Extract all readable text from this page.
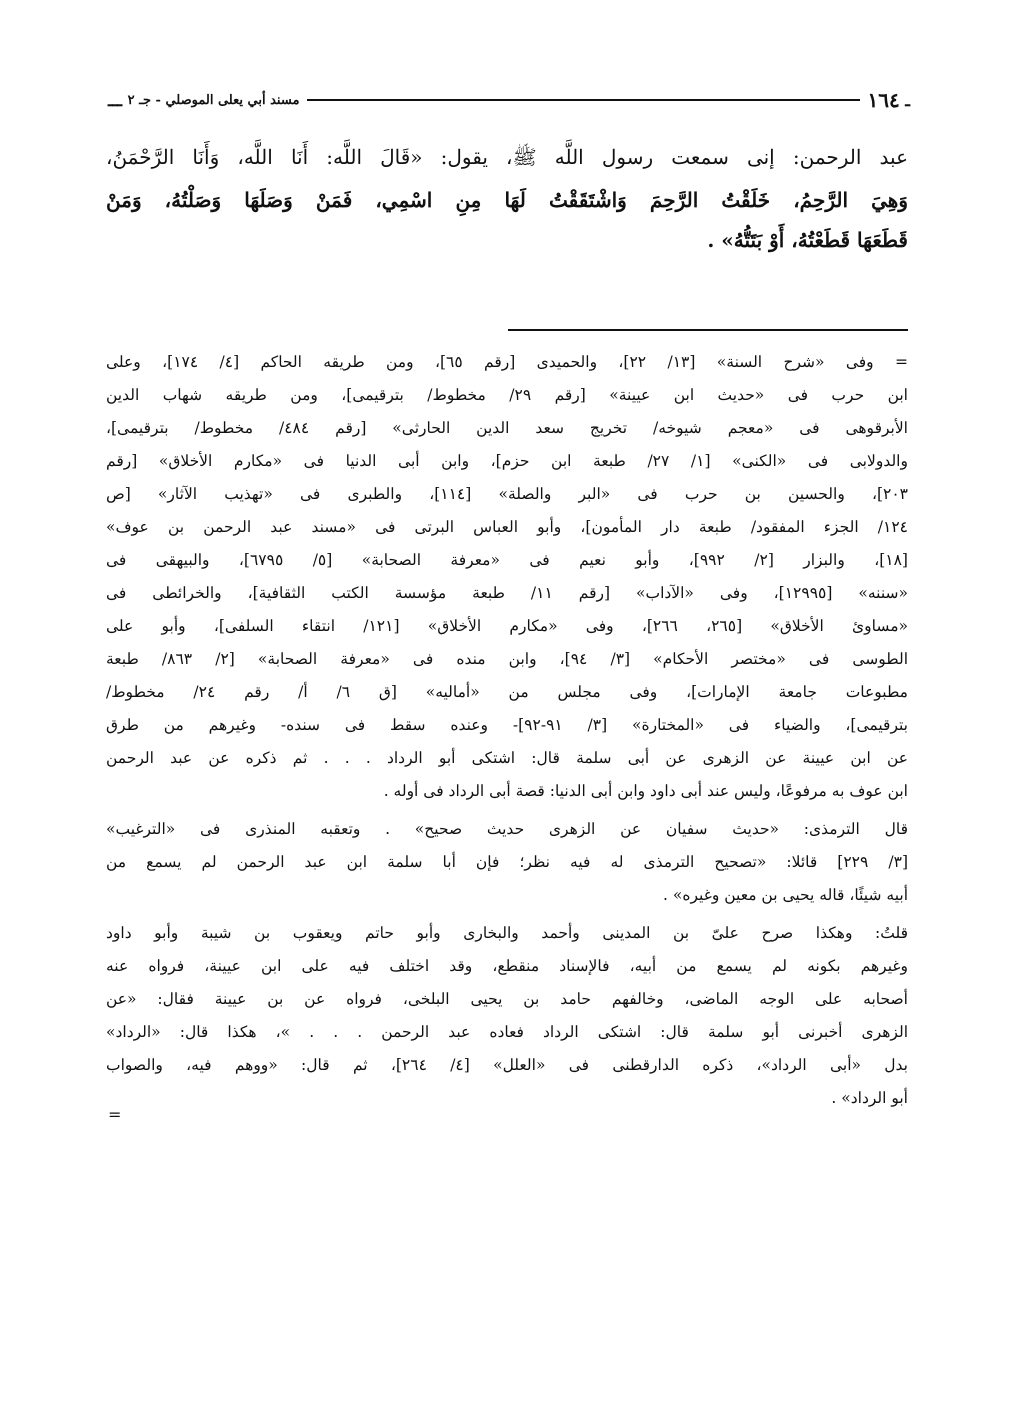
ـ
١٦٤
مسند أبي يعلى الموصلي - جـ ٢
ـــ
عبد الرحمن: إنى سمعت رسول اللَّه ﷺ، يقول: «قَالَ اللَّه: أَنَا اللَّه، وَأَنَا الرَّحْمَنُ،
وَهِيَ الرَّحِمُ، خَلَقْتُ الرَّحِمَ وَاشْتَقَقْتُ لَهَا مِنِ اسْمِي، فَمَنْ وَصَلَهَا وَصَلْتُهُ، وَمَنْ
قَطَعَهَا قَطَعْتُهُ، أَوْ بَتَتُّهُ» .
= وفى «شرح السنة» [١٣/ ٢٢]، والحميدى [رقم ٦٥]، ومن طريقه الحاكم [٤/ ١٧٤]، وعلى
ابن حرب فى «حديث ابن عيينة» [رقم ٢٩/ مخطوط/ بترقيمى]، ومن طريقه شهاب الدين
الأبرقوهى فى «معجم شيوخه/ تخريج سعد الدين الحارثى» [رقم ٤٨٤/ مخطوط/ بترقيمى]،
والدولابى فى «الكنى» [١/ ٢٧/ طبعة ابن حزم]، وابن أبى الدنيا فى «مكارم الأخلاق» [رقم
٢٠٣]، والحسين بن حرب فى «البر والصلة» [١١٤]، والطبرى فى «تهذيب الآثار» [ص
١٢٤/ الجزء المفقود/ طبعة دار المأمون]، وأبو العباس البرتى فى «مسند عبد الرحمن بن عوف»
[١٨]، والبزار [٢/ ٩٩٢]، وأبو نعيم فى «معرفة الصحابة» [٥/ ٦٧٩٥]، والبيهقى فى
«سننه» [١٢٩٩٥]، وفى «الآداب» [رقم ١١/ طبعة مؤسسة الكتب الثقافية]، والخرائطى فى
«مساوئ الأخلاق» [٢٦٥، ٢٦٦]، وفى «مكارم الأخلاق» [١٢١/ انتقاء السلفى]، وأبو على
الطوسى فى «مختصر الأحكام» [٣/ ٩٤]، وابن منده فى «معرفة الصحابة» [٢/ ٨٦٣/ طبعة
مطبوعات جامعة الإمارات]، وفى مجلس من «أماليه» [ق ٦/ أ/ رقم ٢٤/ مخطوط/
بترقيمى]، والضياء فى «المختارة» [٣/ ٩١-٩٢]- وعنده سقط فى سنده- وغيرهم من طرق
عن ابن عيينة عن الزهرى عن أبى سلمة قال: اشتكى أبو الرداد . . . ثم ذكره عن عبد الرحمن
ابن عوف به مرفوعًا، وليس عند أبى داود وابن أبى الدنيا: قصة أبى الرداد فى أوله .
قال الترمذى: «حديث سفيان عن الزهرى حديث صحيح» . وتعقبه المنذرى فى «الترغيب»
[٣/ ٢٢٩] قائلا: «تصحيح الترمذى له فيه نظر؛ فإن أبا سلمة ابن عبد الرحمن لم يسمع من
أبيه شيئًا، قاله يحيى بن معين وغيره» .
قلتُ: وهكذا صرح علىّ بن المدينى وأحمد والبخارى وأبو حاتم ويعقوب بن شيبة وأبو داود
وغيرهم بكونه لم يسمع من أبيه، فالإسناد منقطع، وقد اختلف فيه على ابن عيينة، فرواه عنه
أصحابه على الوجه الماضى، وخالفهم حامد بن يحيى البلخى، فرواه عن بن عيينة فقال: «عن
الزهرى أخبرنى أبو سلمة قال: اشتكى الرداد فعاده عبد الرحمن . . . »، هكذا قال: «الرداد»
بدل «أبى الرداد»، ذكره الدارقطنى فى «العلل» [٤/ ٢٦٤]، ثم قال: «ووهم فيه، والصواب
أبو الرداد» .
=
